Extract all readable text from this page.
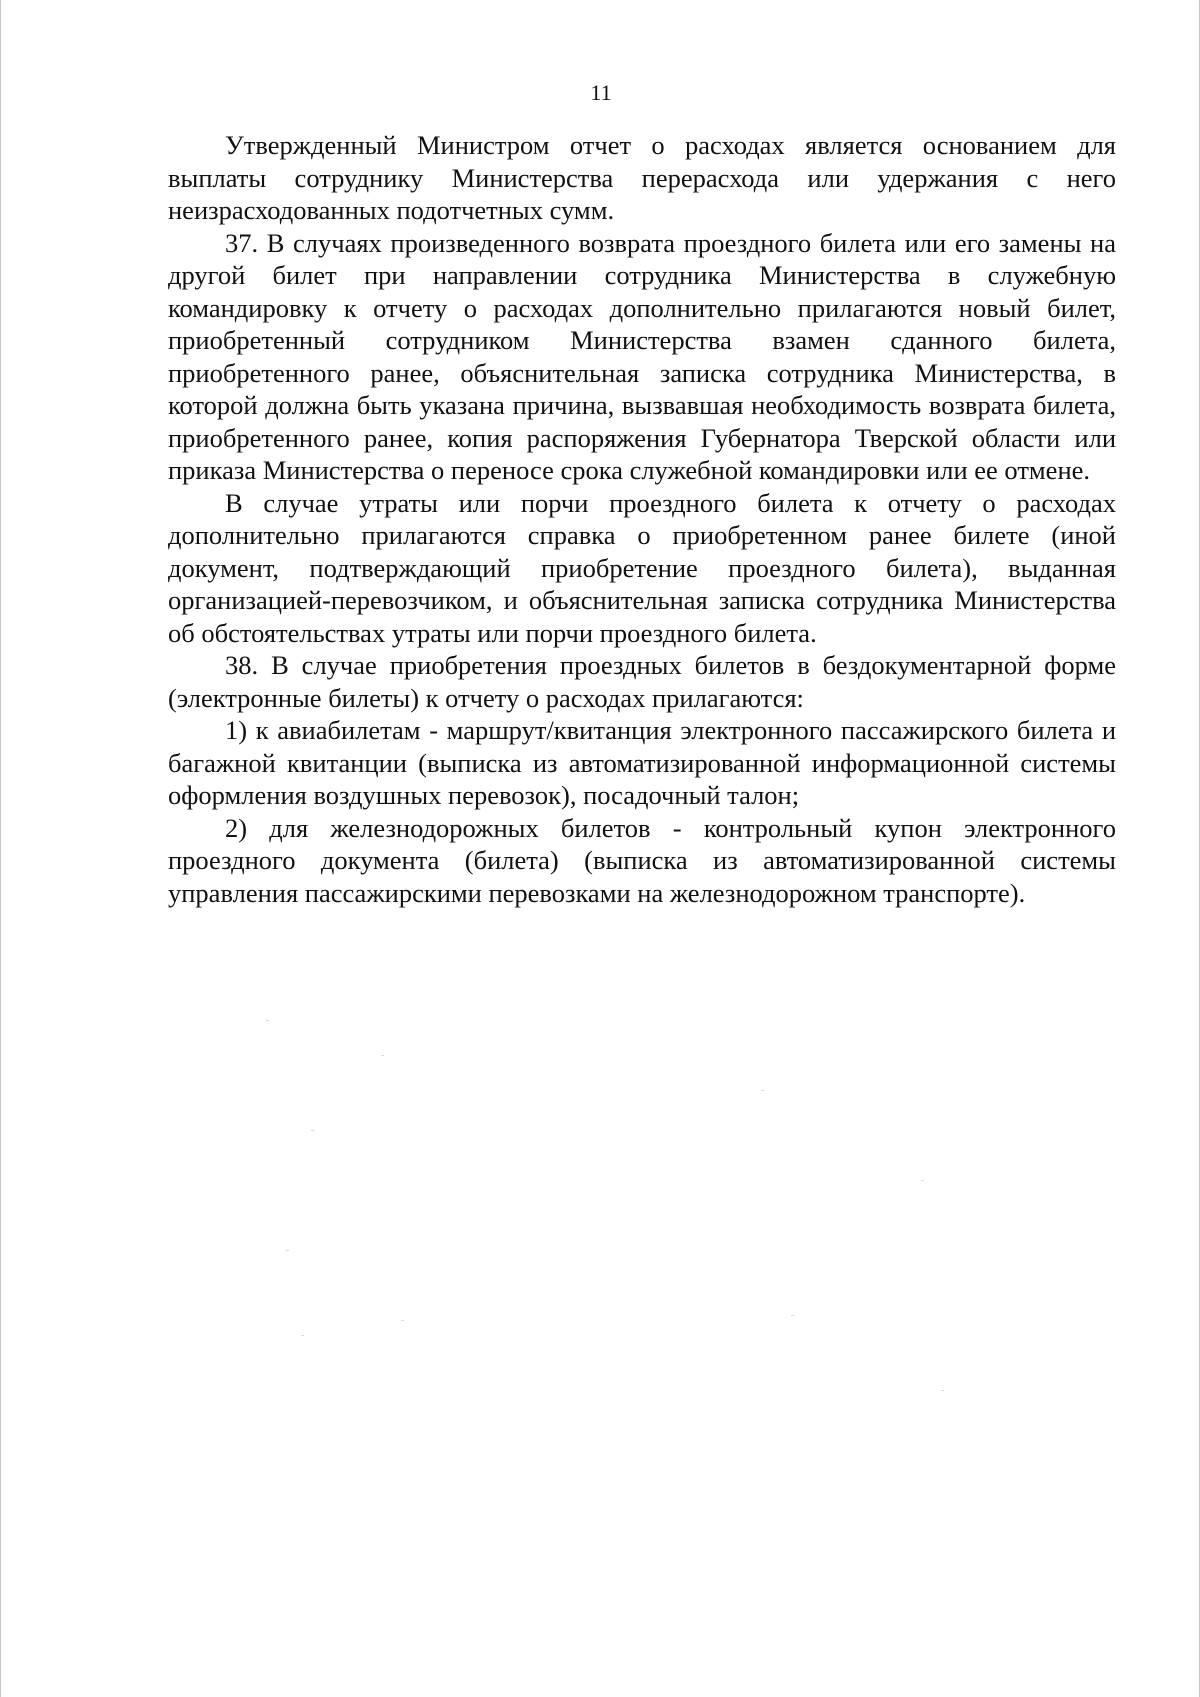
11

Утвержденный Министром отчет о расходах является основанием для выплаты сотруднику Министерства перерасхода или удержания с него неизрасходованных подотчетных сумм.

37. В случаях произведенного возврата проездного билета или его замены на другой билет при направлении сотрудника Министерства в служебную командировку к отчету о расходах дополнительно прилагаются новый билет, приобретенный сотрудником Министерства взамен сданного билета, приобретенного ранее, объяснительная записка сотрудника Министерства, в которой должна быть указана причина, вызвавшая необходимость возврата билета, приобретенного ранее, копия распоряжения Губернатора Тверской области или приказа Министерства о переносе срока служебной командировки или ее отмене.

В случае утраты или порчи проездного билета к отчету о расходах дополнительно прилагаются справка о приобретенном ранее билете (иной документ, подтверждающий приобретение проездного билета), выданная организацией-перевозчиком, и объяснительная записка сотрудника Министерства об обстоятельствах утраты или порчи проездного билета.

38. В случае приобретения проездных билетов в бездокументарной форме (электронные билеты) к отчету о расходах прилагаются:

1) к авиабилетам - маршрут/квитанция электронного пассажирского билета и багажной квитанции (выписка из автоматизированной информационной системы оформления воздушных перевозок), посадочный талон;

2) для железнодорожных билетов - контрольный купон электронного проездного документа (билета) (выписка из автоматизированной системы управления пассажирскими перевозками на железнодорожном транспорте).
